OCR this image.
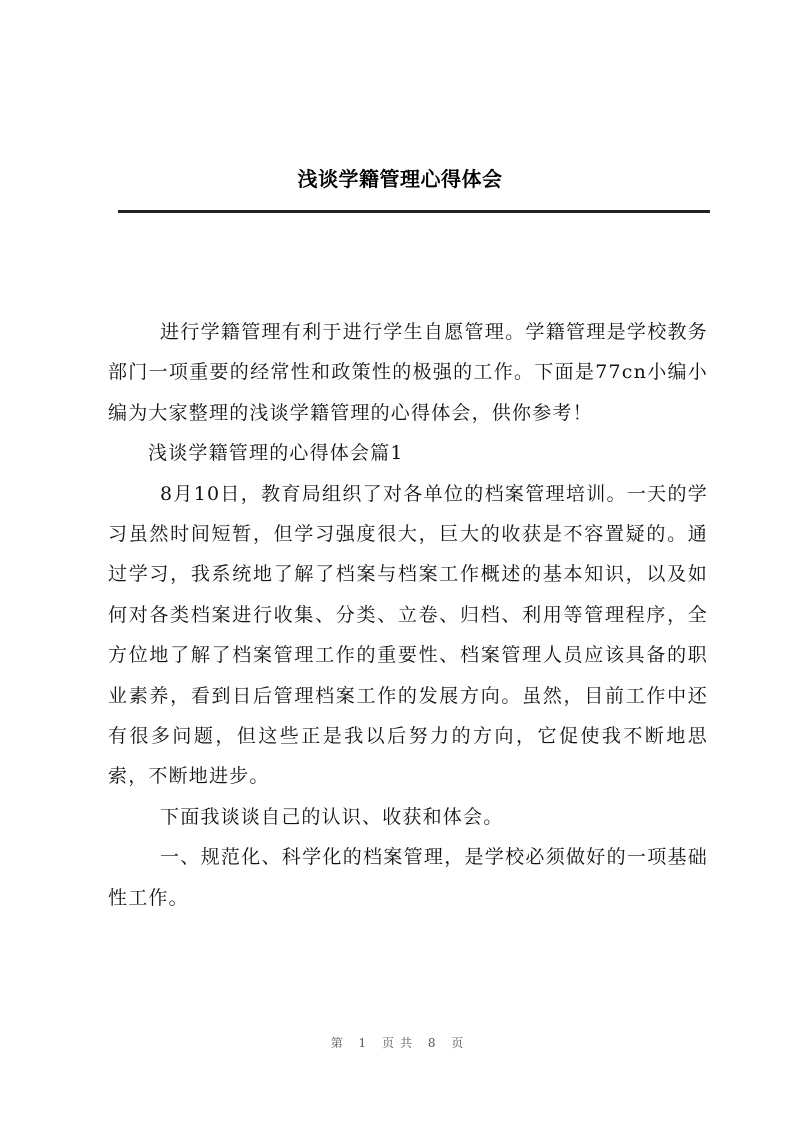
浅谈学籍管理心得体会

进行学籍管理有利于进行学生自愿管理。学籍管理是学校教务部门一项重要的经常性和政策性的极强的工作。下面是77cn小编小编为大家整理的浅谈学籍管理的心得体会，供你参考！

浅谈学籍管理的心得体会篇1

8月10日，教育局组织了对各单位的档案管理培训。一天的学习虽然时间短暂，但学习强度很大，巨大的收获是不容置疑的。通过学习，我系统地了解了档案与档案工作概述的基本知识，以及如何对各类档案进行收集、分类、立卷、归档、利用等管理程序，全方位地了解了档案管理工作的重要性、档案管理人员应该具备的职业素养，看到日后管理档案工作的发展方向。虽然，目前工作中还有很多问题，但这些正是我以后努力的方向，它促使我不断地思索，不断地进步。

下面我谈谈自己的认识、收获和体会。

一、规范化、科学化的档案管理，是学校必须做好的一项基础性工作。

第 1 页共 8 页
